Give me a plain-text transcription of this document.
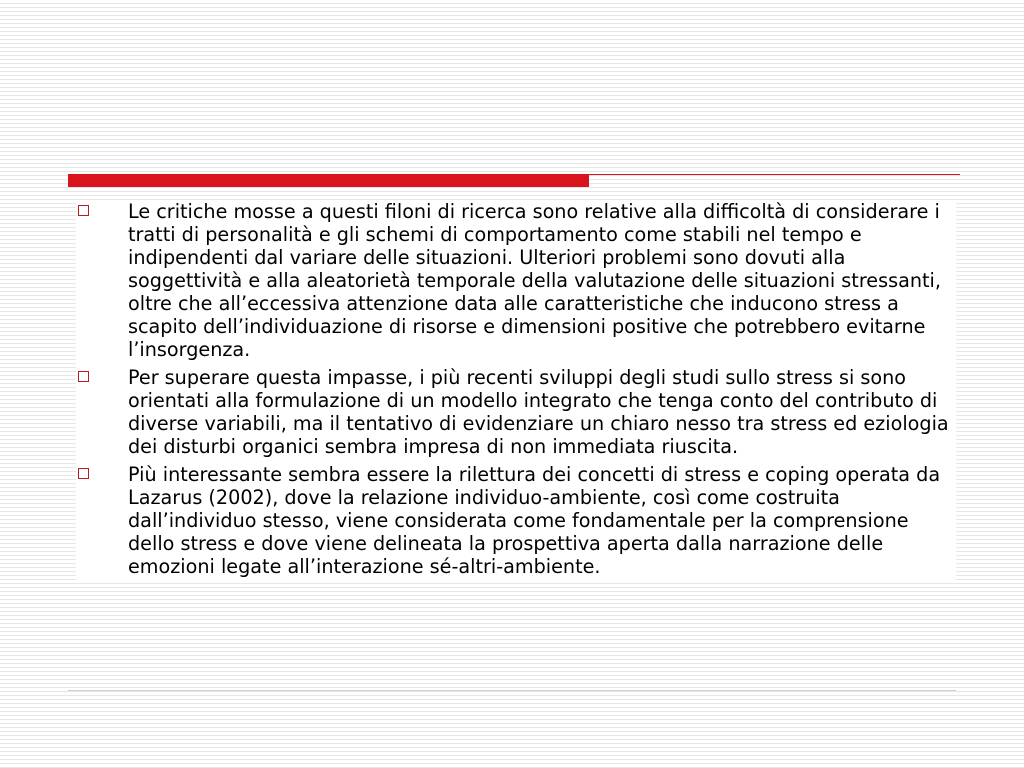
Le critiche mosse a questi filoni di ricerca sono relative alla difficoltà di considerare i tratti di personalità e gli schemi di comportamento come stabili nel tempo e indipendenti dal variare delle situazioni. Ulteriori problemi sono dovuti alla soggettività e alla aleatorietà temporale della valutazione delle situazioni stressanti, oltre che all’eccessiva attenzione data alle caratteristiche che inducono stress a scapito dell’individuazione di risorse e dimensioni positive che potrebbero evitarne l’insorgenza.
Per superare questa impasse, i più recenti sviluppi degli studi sullo stress si sono orientati alla formulazione di un modello integrato che tenga conto del contributo di diverse variabili, ma il tentativo di evidenziare un chiaro nesso tra stress ed eziologia dei disturbi organici sembra impresa di non immediata riuscita.
Più interessante sembra essere la rilettura dei concetti di stress e coping operata da Lazarus (2002), dove la relazione individuo-ambiente, così come costruita dall’individuo stesso, viene considerata come fondamentale per la comprensione dello stress e dove viene delineata la prospettiva aperta dalla narrazione delle emozioni legate all’interazione sé-altri-ambiente.
